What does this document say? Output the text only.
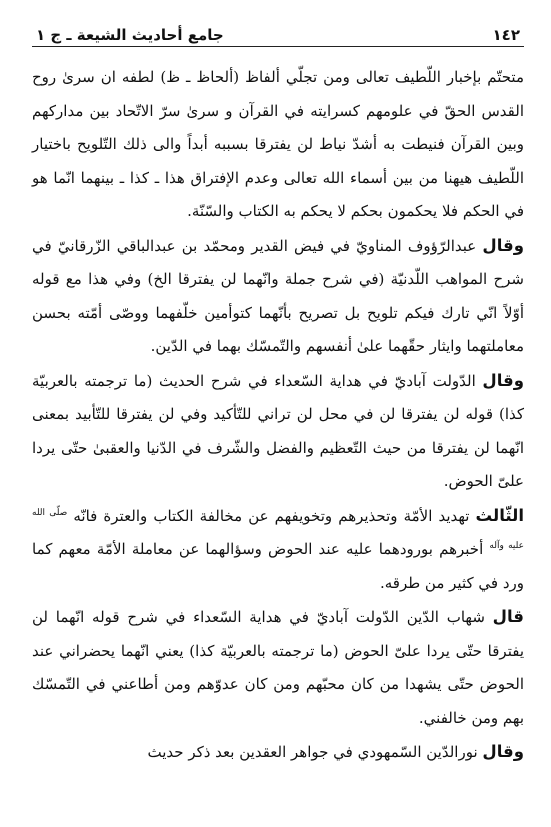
١٤٢
جامع أحاديث الشيعة ـ ج ١

متحتّم بإخبار اللّطيف تعالى ومن تجلّي ألفاظ (ألحاظ ـ ظ) لطفه ان سرىٰ روح القدس الحقّ في علومهم كسرايته في القرآن و سرىٰ سرّ الاتّحاد بين مداركهم وبين القرآن فنيطت به أشدّ نياط لن يفترقا بسببه أبداً والى ذلك التّلويح باختيار اللّطيف هيهنا من بين أسماء الله تعالى وعدم الإفتراق هذا ـ كذا ـ بينهما انّما هو في الحكم فلا يحكمون بحكم لا يحكم به الكتاب والسّنّة.

وقال عبدالرّؤوف المناويّ في فيض القدير ومحمّد بن عبدالباقي الزّرقانيّ في شرح المواهب اللّدنيّة (في شرح جملة وانّهما لن يفترقا الخ) وفي هذا مع قوله أوّلاً انّي تارك فيكم تلويح بل تصريح بأنّهما كتوأمين خلّفهما ووصّى أمّته بحسن معاملتهما وايثار حقّهما علىٰ أنفسهم والتّمسّك بهما في الدّين.

وقال الدّولت آباديّ في هداية السّعداء في شرح الحديث (ما ترجمته بالعربيّة كذا) قوله لن يفترقا لن في محل لن تراني للتّأكيد وفي لن يفترقا للتّأبيد بمعنى انّهما لن يفترقا من حيث التّعظيم والفضل والشّرف في الدّنيا والعقبىٰ حتّى يردا علىّ الحوض.

الثّالث تهديد الأمّة وتحذيرهم وتخويفهم عن مخالفة الكتاب والعترة فانّه $^{صلّى الله عليه وآله}$ أخبرهم بورودهما عليه عند الحوض وسؤالهما عن معاملة الأمّة معهم كما ورد في كثير من طرقه.

قال شهاب الدّين الدّولت آباديّ في هداية السّعداء في شرح قوله انّهما لن يفترقا حتّى يردا علىّ الحوض (ما ترجمته بالعربيّة كذا) يعني انّهما يحضراني عند الحوض حتّى يشهدا من كان محبّهم ومن كان عدوّهم ومن أطاعني في التّمسّك بهم ومن خالفني.

وقال نورالدّين السّمهودي في جواهر العقدين بعد ذكر حديث
